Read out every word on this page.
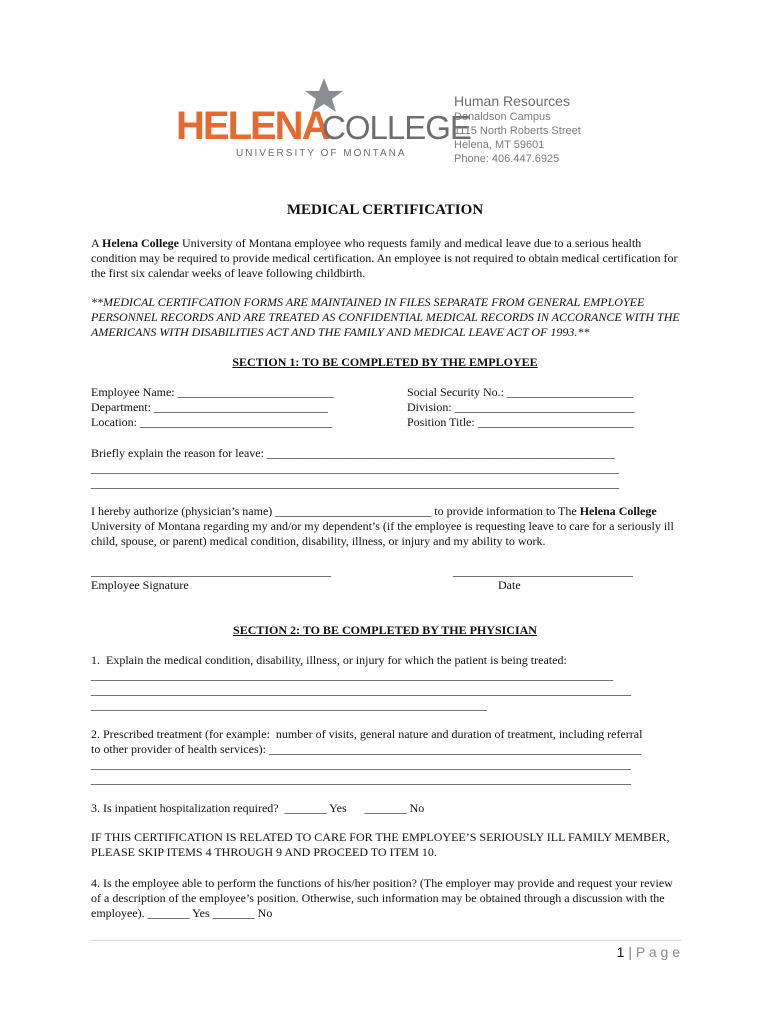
HELENA
COLLEGE
UNIVERSITY OF MONTANA
Human Resources
Donaldson Campus
1115 North Roberts Street
Helena, MT 59601
Phone: 406.447.6925
MEDICAL CERTIFICATION
A Helena College University of Montana employee who requests family and medical leave due to a serious health condition may be required to provide medical certification. An employee is not required to obtain medical certification for the first six calendar weeks of leave following childbirth.
**MEDICAL CERTIFCATION FORMS ARE MAINTAINED IN FILES SEPARATE FROM GENERAL EMPLOYEE PERSONNEL RECORDS AND ARE TREATED AS CONFIDENTIAL MEDICAL RECORDS IN ACCORANCE WITH THE AMERICANS WITH DISABILITIES ACT AND THE FAMILY AND MEDICAL LEAVE ACT OF 1993.**
SECTION 1: TO BE COMPLETED BY THE EMPLOYEE
Employee Name: __________________________
Department: _____________________________
Location: ________________________________
Social Security No.: _____________________
Division: ______________________________
Position Title: __________________________
Briefly explain the reason for leave: __________________________________________________________
________________________________________________________________________________________
________________________________________________________________________________________
I hereby authorize (physician’s name) __________________________ to provide information to The Helena College University of Montana regarding my and/or my dependent’s (if the employee is requesting leave to care for a seriously ill child, spouse, or parent) medical condition, disability, illness, or injury and my ability to work.
________________________________________	______________________________
Employee Signature	Date
SECTION 2: TO BE COMPLETED BY THE PHYSICIAN
1.  Explain the medical condition, disability, illness, or injury for which the patient is being treated:
_______________________________________________________________________________________
__________________________________________________________________________________________
__________________________________________________________________
2. Prescribed treatment (for example:  number of visits, general nature and duration of treatment, including referral
to other provider of health services): ______________________________________________________________
__________________________________________________________________________________________
__________________________________________________________________________________________
3. Is inpatient hospitalization required?  _______ Yes      _______ No
IF THIS CERTIFICATION IS RELATED TO CARE FOR THE EMPLOYEE’S SERIOUSLY ILL FAMILY MEMBER, PLEASE SKIP ITEMS 4 THROUGH 9 AND PROCEED TO ITEM 10.
4. Is the employee able to perform the functions of his/her position? (The employer may provide and request your review of a description of the employee’s position. Otherwise, such information may be obtained through a discussion with the employee). _______ Yes _______ No
1 | P a g e
